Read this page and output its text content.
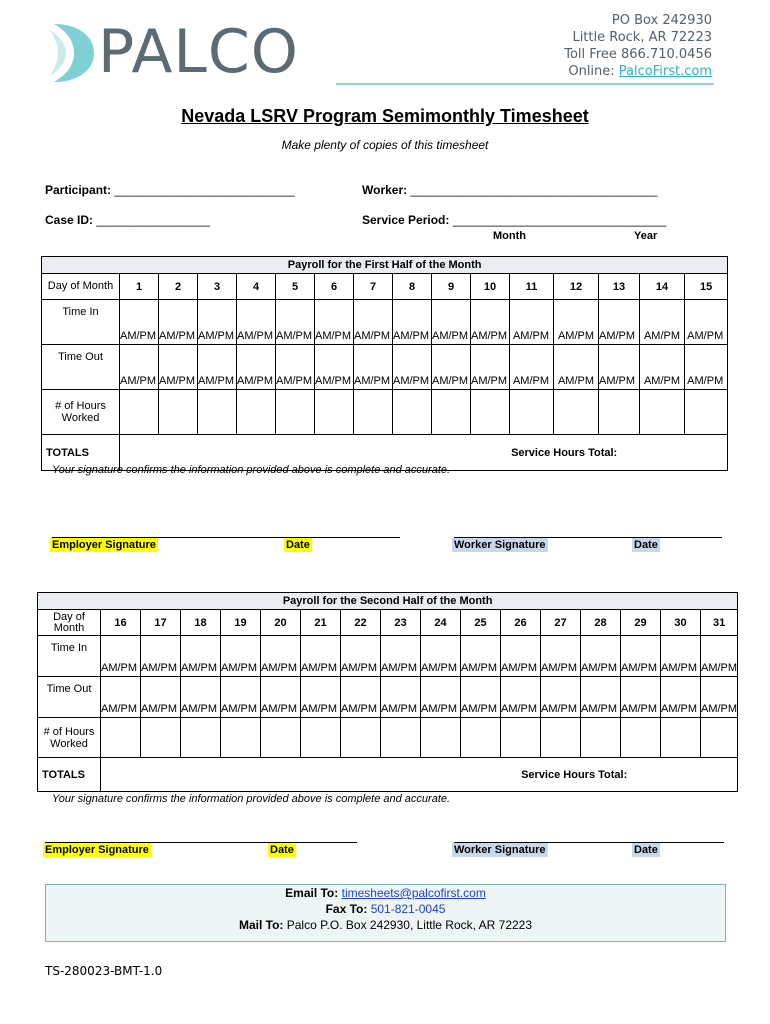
PALCO	PO Box 242930
Little Rock, AR 72223
Toll Free 866.710.0456
Online: PalcoFirst.com
Nevada LSRV Program Semimonthly Timesheet
Make plenty of copies of this timesheet
Participant: ___________________________	Worker: _____________________________________
Case ID: _________________	Service Period: ________________________________
Month	Year
Payroll for the First Half of the Month															
Day of Month	1	2	3	4	5	6	7	8	9	10	11	12	13	14	15
Time In	AM/PM	AM/PM	AM/PM	AM/PM	AM/PM	AM/PM	AM/PM	AM/PM	AM/PM	AM/PM	AM/PM	AM/PM	AM/PM	AM/PM	AM/PM
Time Out	AM/PM	AM/PM	AM/PM	AM/PM	AM/PM	AM/PM	AM/PM	AM/PM	AM/PM	AM/PM	AM/PM	AM/PM	AM/PM	AM/PM	AM/PM
# of Hours Worked															
TOTALS	Service Hours Total:														
Your signature confirms the information provided above is complete and accurate.
Employer Signature	Date	Worker Signature	Date
Payroll for the Second Half of the Month																
Day of Month	16	17	18	19	20	21	22	23	24	25	26	27	28	29	30	31
Time In	AM/PM	AM/PM	AM/PM	AM/PM	AM/PM	AM/PM	AM/PM	AM/PM	AM/PM	AM/PM	AM/PM	AM/PM	AM/PM	AM/PM	AM/PM	AM/PM
Time Out	AM/PM	AM/PM	AM/PM	AM/PM	AM/PM	AM/PM	AM/PM	AM/PM	AM/PM	AM/PM	AM/PM	AM/PM	AM/PM	AM/PM	AM/PM	AM/PM
# of Hours Worked																
TOTALS	Service Hours Total:															
Your signature confirms the information provided above is complete and accurate.
Employer Signature	Date	Worker Signature	Date
Email To: timesheets@palcofirst.com
Fax To: 501-821-0045
Mail To: Palco P.O. Box 242930, Little Rock, AR 72223
TS-280023-BMT-1.0
